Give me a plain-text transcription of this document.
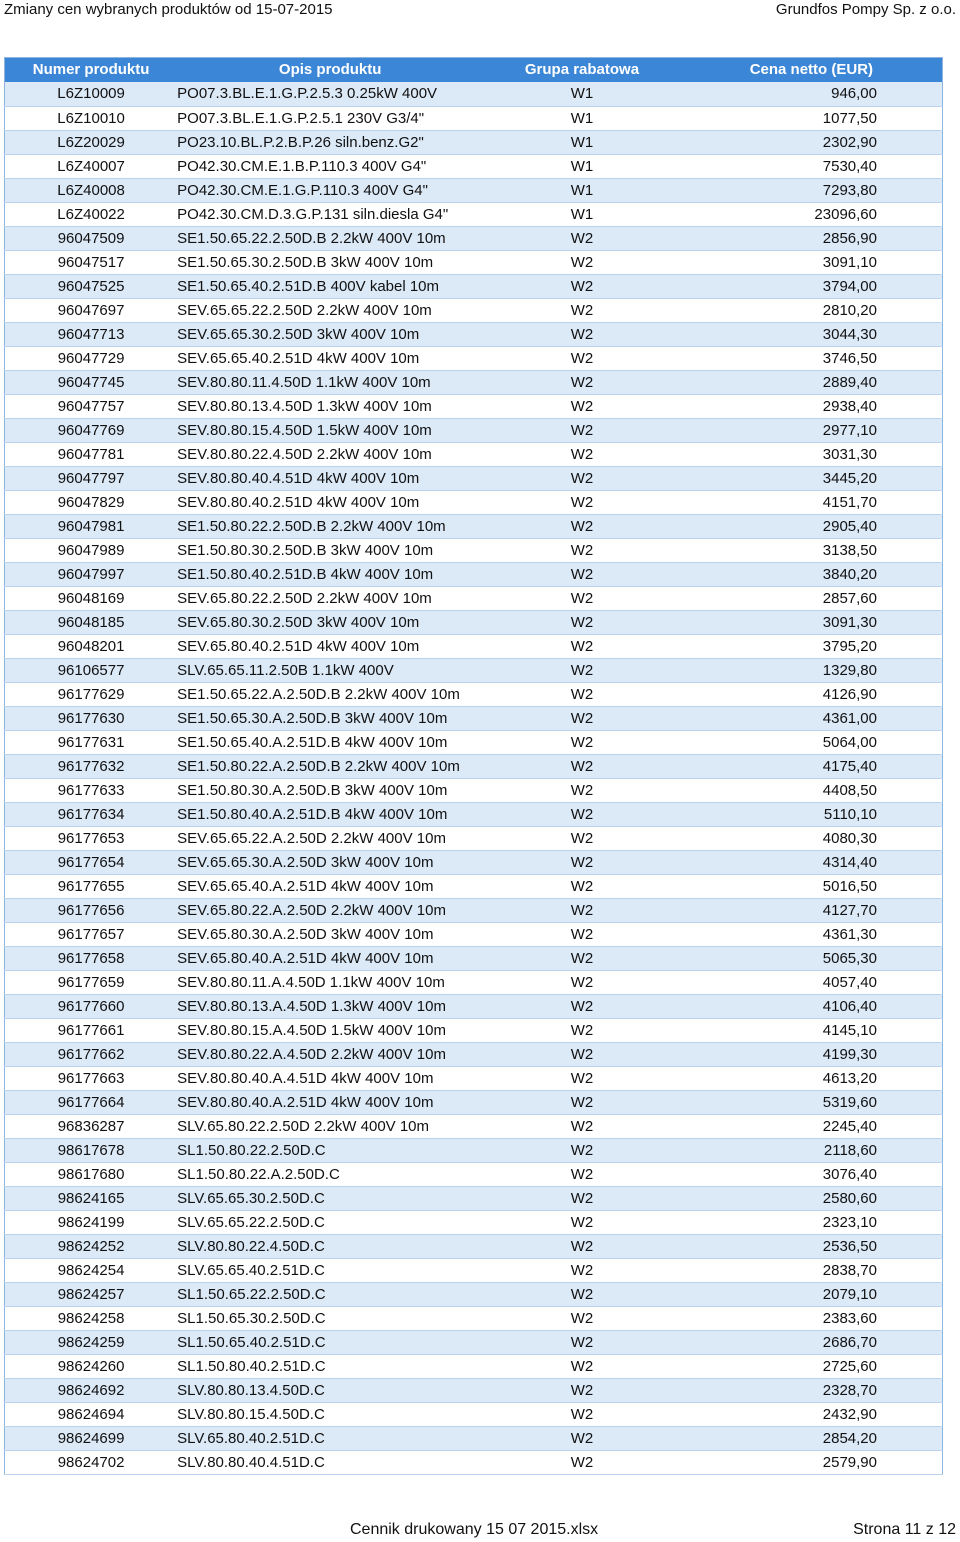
Zmiany cen wybranych produktów od 15-07-2015	Grundfos Pompy Sp. z o.o.
Numer produktu	Opis produktu	Grupa rabatowa	Cena netto (EUR)
L6Z10009	PO07.3.BL.E.1.G.P.2.5.3 0.25kW 400V	W1	946,00
L6Z10010	PO07.3.BL.E.1.G.P.2.5.1 230V G3/4"	W1	1077,50
L6Z20029	PO23.10.BL.P.2.B.P.26 siln.benz.G2"	W1	2302,90
L6Z40007	PO42.30.CM.E.1.B.P.110.3 400V G4"	W1	7530,40
L6Z40008	PO42.30.CM.E.1.G.P.110.3 400V G4"	W1	7293,80
L6Z40022	PO42.30.CM.D.3.G.P.131 siln.diesla G4"	W1	23096,60
96047509	SE1.50.65.22.2.50D.B 2.2kW 400V 10m	W2	2856,90
96047517	SE1.50.65.30.2.50D.B 3kW 400V 10m	W2	3091,10
96047525	SE1.50.65.40.2.51D.B 400V kabel 10m	W2	3794,00
96047697	SEV.65.65.22.2.50D 2.2kW 400V 10m	W2	2810,20
96047713	SEV.65.65.30.2.50D 3kW 400V 10m	W2	3044,30
96047729	SEV.65.65.40.2.51D 4kW 400V 10m	W2	3746,50
96047745	SEV.80.80.11.4.50D 1.1kW 400V 10m	W2	2889,40
96047757	SEV.80.80.13.4.50D 1.3kW 400V 10m	W2	2938,40
96047769	SEV.80.80.15.4.50D 1.5kW 400V 10m	W2	2977,10
96047781	SEV.80.80.22.4.50D 2.2kW 400V 10m	W2	3031,30
96047797	SEV.80.80.40.4.51D 4kW 400V 10m	W2	3445,20
96047829	SEV.80.80.40.2.51D 4kW 400V 10m	W2	4151,70
96047981	SE1.50.80.22.2.50D.B 2.2kW 400V 10m	W2	2905,40
96047989	SE1.50.80.30.2.50D.B 3kW 400V 10m	W2	3138,50
96047997	SE1.50.80.40.2.51D.B 4kW 400V 10m	W2	3840,20
96048169	SEV.65.80.22.2.50D 2.2kW 400V 10m	W2	2857,60
96048185	SEV.65.80.30.2.50D 3kW 400V 10m	W2	3091,30
96048201	SEV.65.80.40.2.51D 4kW 400V 10m	W2	3795,20
96106577	SLV.65.65.11.2.50B 1.1kW 400V	W2	1329,80
96177629	SE1.50.65.22.A.2.50D.B 2.2kW 400V 10m	W2	4126,90
96177630	SE1.50.65.30.A.2.50D.B 3kW 400V 10m	W2	4361,00
96177631	SE1.50.65.40.A.2.51D.B 4kW 400V 10m	W2	5064,00
96177632	SE1.50.80.22.A.2.50D.B 2.2kW 400V 10m	W2	4175,40
96177633	SE1.50.80.30.A.2.50D.B 3kW 400V 10m	W2	4408,50
96177634	SE1.50.80.40.A.2.51D.B 4kW 400V 10m	W2	5110,10
96177653	SEV.65.65.22.A.2.50D 2.2kW 400V 10m	W2	4080,30
96177654	SEV.65.65.30.A.2.50D 3kW 400V 10m	W2	4314,40
96177655	SEV.65.65.40.A.2.51D 4kW 400V 10m	W2	5016,50
96177656	SEV.65.80.22.A.2.50D 2.2kW 400V 10m	W2	4127,70
96177657	SEV.65.80.30.A.2.50D 3kW 400V 10m	W2	4361,30
96177658	SEV.65.80.40.A.2.51D 4kW 400V 10m	W2	5065,30
96177659	SEV.80.80.11.A.4.50D 1.1kW 400V 10m	W2	4057,40
96177660	SEV.80.80.13.A.4.50D 1.3kW 400V 10m	W2	4106,40
96177661	SEV.80.80.15.A.4.50D 1.5kW 400V 10m	W2	4145,10
96177662	SEV.80.80.22.A.4.50D 2.2kW 400V 10m	W2	4199,30
96177663	SEV.80.80.40.A.4.51D 4kW 400V 10m	W2	4613,20
96177664	SEV.80.80.40.A.2.51D 4kW 400V 10m	W2	5319,60
96836287	SLV.65.80.22.2.50D 2.2kW 400V 10m	W2	2245,40
98617678	SL1.50.80.22.2.50D.C	W2	2118,60
98617680	SL1.50.80.22.A.2.50D.C	W2	3076,40
98624165	SLV.65.65.30.2.50D.C	W2	2580,60
98624199	SLV.65.65.22.2.50D.C	W2	2323,10
98624252	SLV.80.80.22.4.50D.C	W2	2536,50
98624254	SLV.65.65.40.2.51D.C	W2	2838,70
98624257	SL1.50.65.22.2.50D.C	W2	2079,10
98624258	SL1.50.65.30.2.50D.C	W2	2383,60
98624259	SL1.50.65.40.2.51D.C	W2	2686,70
98624260	SL1.50.80.40.2.51D.C	W2	2725,60
98624692	SLV.80.80.13.4.50D.C	W2	2328,70
98624694	SLV.80.80.15.4.50D.C	W2	2432,90
98624699	SLV.65.80.40.2.51D.C	W2	2854,20
98624702	SLV.80.80.40.4.51D.C	W2	2579,90
Cennik drukowany 15 07 2015.xlsx	Strona 11 z 12
